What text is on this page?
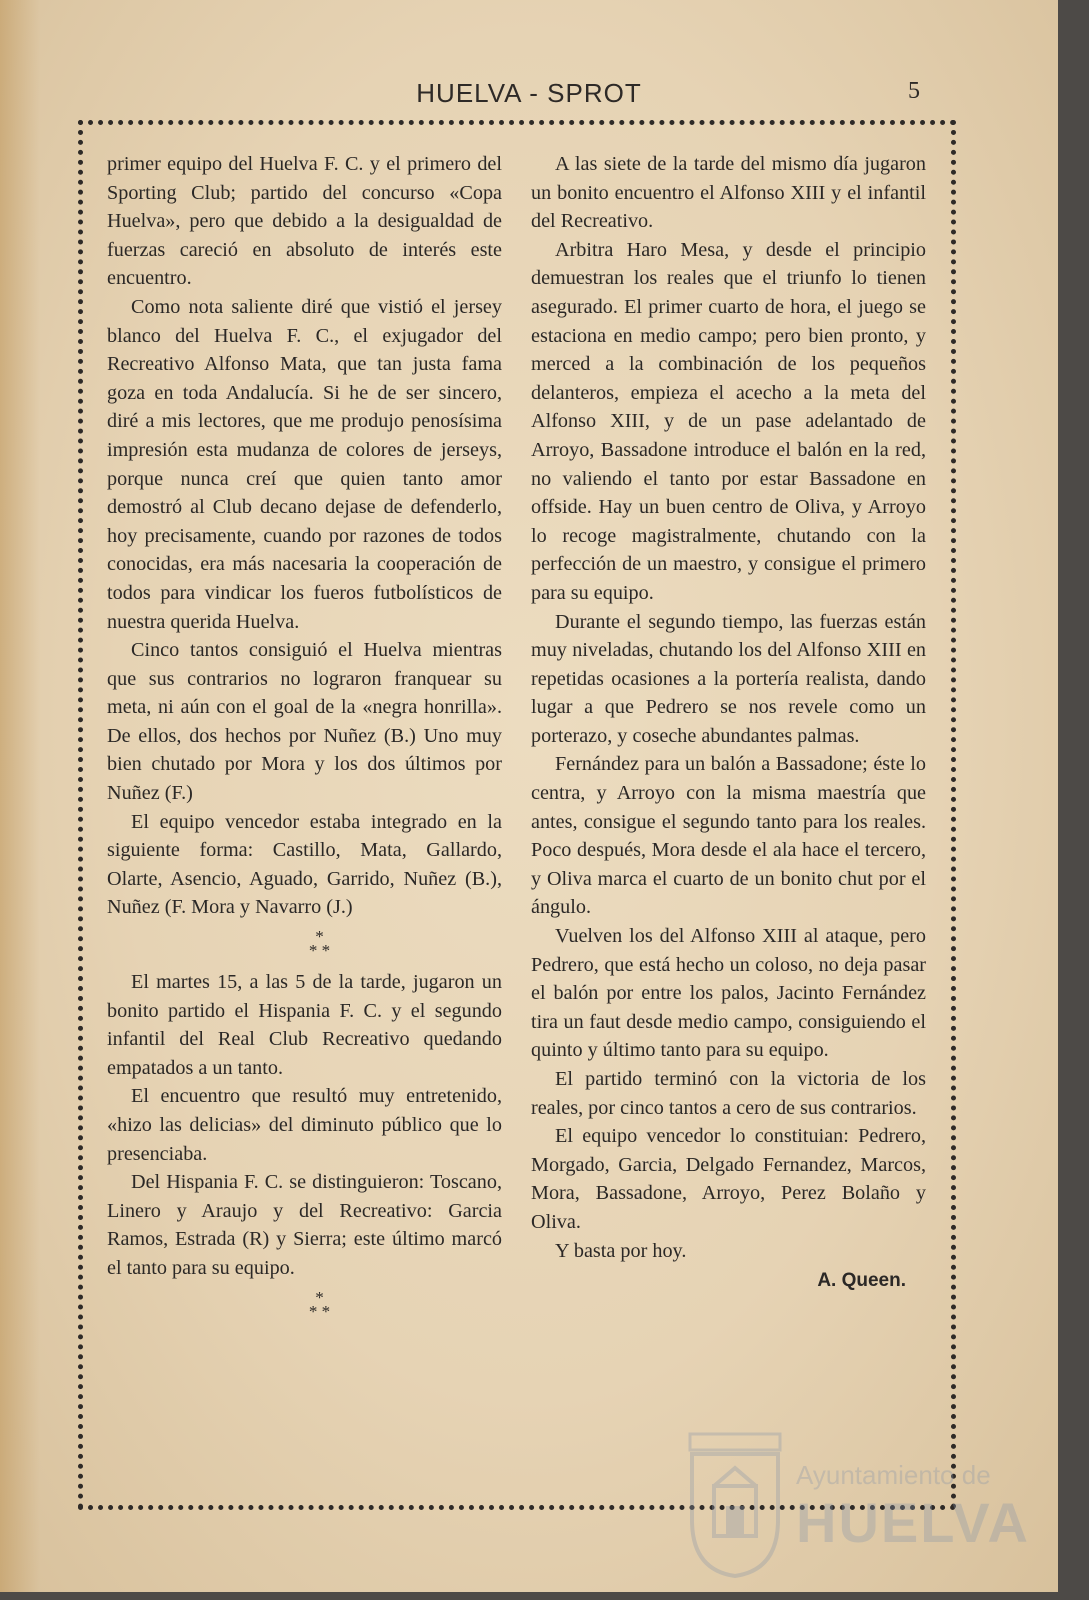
HUELVA - SPROT	5

primer equipo del Huelva F. C. y el primero del Sporting Club; partido del concurso «Copa Huelva», pero que debido a la desigualdad de fuerzas careció en absoluto de interés este encuentro.

Como nota saliente diré que vistió el jersey blanco del Huelva F. C., el exjugador del Recreativo Alfonso Mata, que tan justa fama goza en toda Andalucía. Si he de ser sincero, diré a mis lectores, que me produjo penosísima impresión esta mudanza de colores de jerseys, porque nunca creí que quien tanto amor demostró al Club decano dejase de defenderlo, hoy precisamente, cuando por razones de todos conocidas, era más nacesaria la cooperación de todos para vindicar los fueros futbolísticos de nuestra querida Huelva.

Cinco tantos consiguió el Huelva mientras que sus contrarios no lograron franquear su meta, ni aún con el goal de la «negra honrilla». De ellos, dos hechos por Nuñez (B.) Uno muy bien chutado por Mora y los dos últimos por Nuñez (F.)

El equipo vencedor estaba integrado en la siguiente forma: Castillo, Mata, Gallardo, Olarte, Asencio, Aguado, Garrido, Nuñez (B.), Nuñez (F. Mora y Navarro (J.)

*
* *

El martes 15, a las 5 de la tarde, jugaron un bonito partido el Hispania F. C. y el segundo infantil del Real Club Recreativo quedando empatados a un tanto.

El encuentro que resultó muy entretenido, «hizo las delicias» del diminuto público que lo presenciaba.

Del Hispania F. C. se distinguieron: Toscano, Linero y Araujo y del Recreativo: Garcia Ramos, Estrada (R) y Sierra; este último marcó el tanto para su equipo.

*
* *

A las siete de la tarde del mismo día jugaron un bonito encuentro el Alfonso XIII y el infantil del Recreativo.

Arbitra Haro Mesa, y desde el principio demuestran los reales que el triunfo lo tienen asegurado. El primer cuarto de hora, el juego se estaciona en medio campo; pero bien pronto, y merced a la combinación de los pequeños delanteros, empieza el acecho a la meta del Alfonso XIII, y de un pase adelantado de Arroyo, Bassadone introduce el balón en la red, no valiendo el tanto por estar Bassadone en offside. Hay un buen centro de Oliva, y Arroyo lo recoge magistralmente, chutando con la perfección de un maestro, y consigue el primero para su equipo.

Durante el segundo tiempo, las fuerzas están muy niveladas, chutando los del Alfonso XIII en repetidas ocasiones a la portería realista, dando lugar a que Pedrero se nos revele como un porterazo, y coseche abundantes palmas.

Fernández para un balón a Bassadone; éste lo centra, y Arroyo con la misma maestría que antes, consigue el segundo tanto para los reales. Poco después, Mora desde el ala hace el tercero, y Oliva marca el cuarto de un bonito chut por el ángulo.

Vuelven los del Alfonso XIII al ataque, pero Pedrero, que está hecho un coloso, no deja pasar el balón por entre los palos, Jacinto Fernández tira un faut desde medio campo, consiguiendo el quinto y último tanto para su equipo.

El partido terminó con la victoria de los reales, por cinco tantos a cero de sus contrarios.

El equipo vencedor lo constituian: Pedrero, Morgado, Garcia, Delgado Fernandez, Marcos, Mora, Bassadone, Arroyo, Perez Bolaño y Oliva.

Y basta por hoy.

A. Queen.
Ayuntamiento de
HUELVA
